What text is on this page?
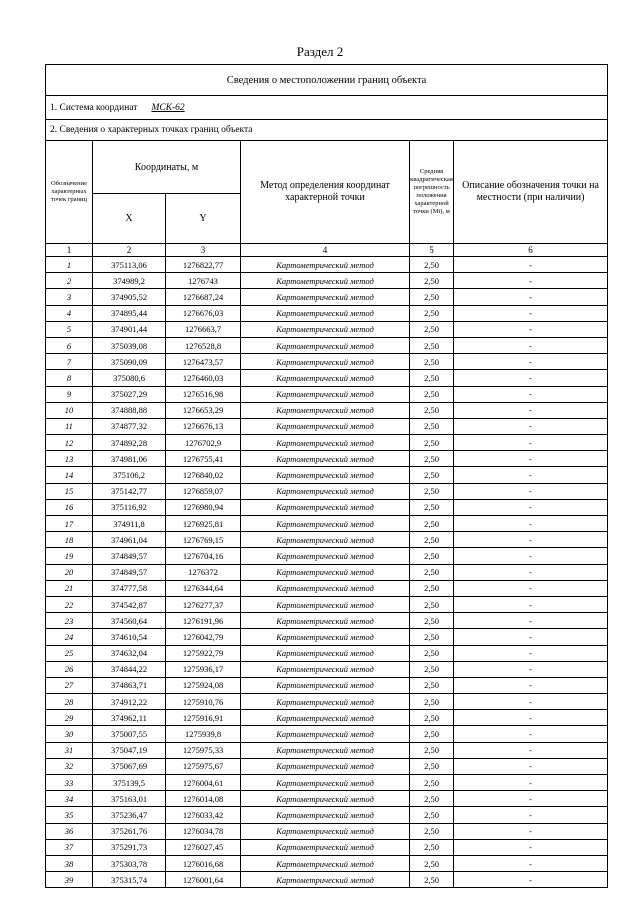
Раздел 2
Сведения о местоположении границ объекта					
1. Система координат МСК-62					
2. Сведения о характерных точках границ объекта					
Обозначение характерных точек границ	Координаты, м		Метод определения координат характерной точки	Средняя квадратическая погрешность положения характерной точки (Mt), м	Описание обозначения точки на местности (при наличии)
	X	Y			
1	2	3	4	5	6
1	375113,06	1276822,77	Картометрический метод	2,50	-
2	374989,2	1276743	Картометрический метод	2,50	-
3	374905,52	1276687,24	Картометрический метод	2,50	-
4	374895,44	1276676,03	Картометрический метод	2,50	-
5	374901,44	1276663,7	Картометрический метод	2,50	-
6	375039,08	1276528,8	Картометрический метод	2,50	-
7	375090,09	1276473,57	Картометрический метод	2,50	-
8	375080,6	1276460,03	Картометрический метод	2,50	-
9	375027,29	1276516,98	Картометрический метод	2,50	-
10	374888,88	1276653,29	Картометрический метод	2,50	-
11	374877,32	1276676,13	Картометрический метод	2,50	-
12	374892,28	1276702,9	Картометрический метод	2,50	-
13	374981,06	1276755,41	Картометрический метод	2,50	-
14	375106,2	1276840,02	Картометрический метод	2,50	-
15	375142,77	1276859,07	Картометрический метод	2,50	-
16	375116,92	1276980,94	Картометрический метод	2,50	-
17	374911,8	1276925,81	Картометрический метод	2,50	-
18	374961,04	1276769,15	Картометрический метод	2,50	-
19	374849,57	1276704,16	Картометрический метод	2,50	-
20	374849,57	1276372	Картометрический метод	2,50	-
21	374777,58	1276344,64	Картометрический метод	2,50	-
22	374542,87	1276277,37	Картометрический метод	2,50	-
23	374560,64	1276191,96	Картометрический метод	2,50	-
24	374610,54	1276042,79	Картометрический метод	2,50	-
25	374632,04	1275922,79	Картометрический метод	2,50	-
26	374844,22	1275936,17	Картометрический метод	2,50	-
27	374863,71	1275924,08	Картометрический метод	2,50	-
28	374912,22	1275910,76	Картометрический метод	2,50	-
29	374962,11	1275916,91	Картометрический метод	2,50	-
30	375007,55	1275939,8	Картометрический метод	2,50	-
31	375047,19	1275975,33	Картометрический метод	2,50	-
32	375067,69	1275975,67	Картометрический метод	2,50	-
33	375139,5	1276004,61	Картометрический метод	2,50	-
34	375163,01	1276014,08	Картометрический метод	2,50	-
35	375236,47	1276033,42	Картометрический метод	2,50	-
36	375261,76	1276034,78	Картометрический метод	2,50	-
37	375291,73	1276027,45	Картометрический метод	2,50	-
38	375303,78	1276016,68	Картометрический метод	2,50	-
39	375315,74	1276001,64	Картометрический метод	2,50	-
